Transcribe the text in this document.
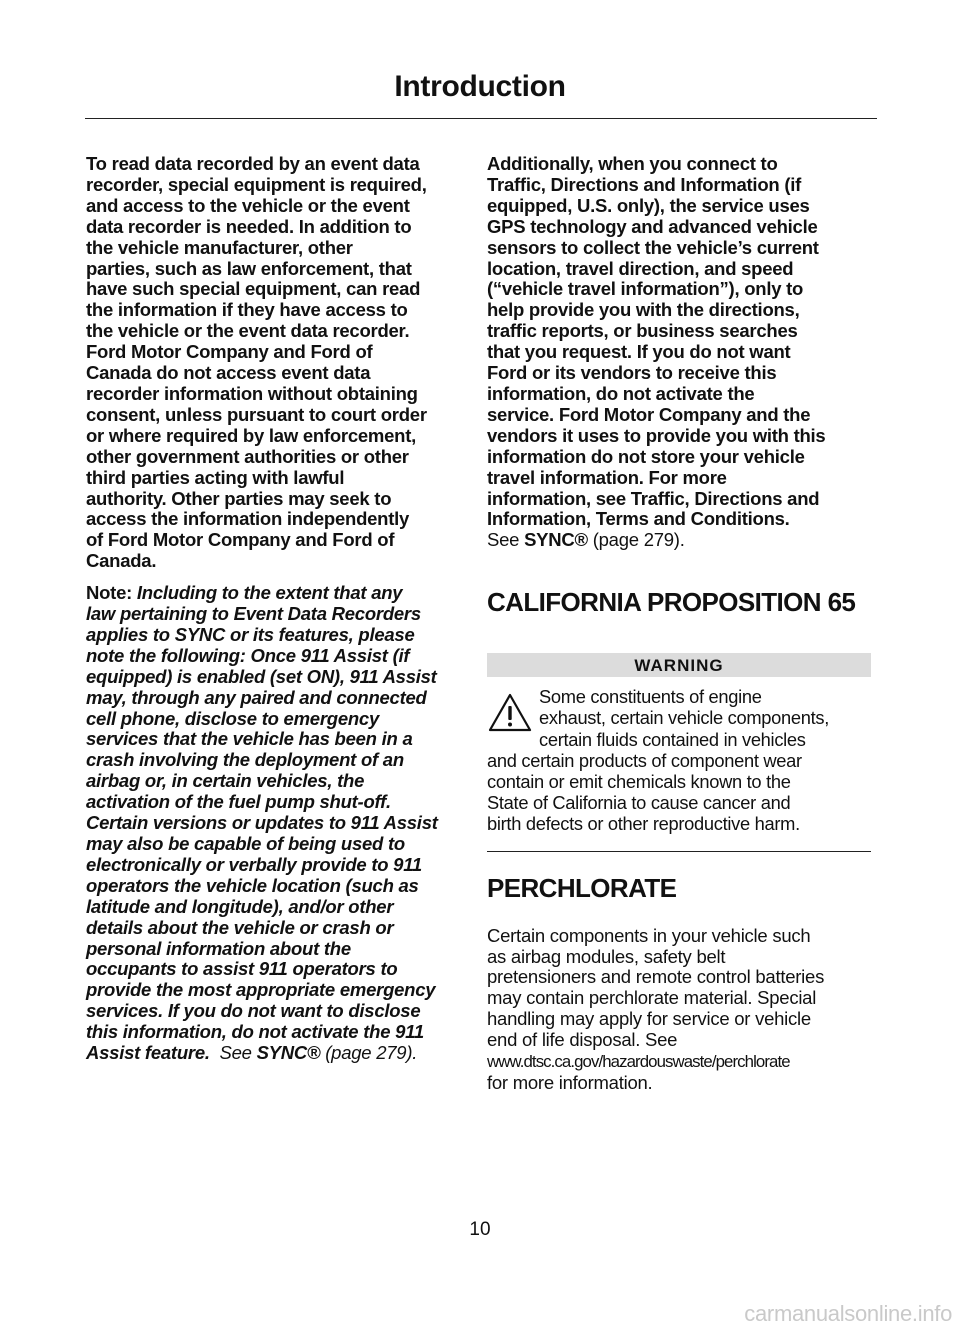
Introduction

To read data recorded by an event data
recorder, special equipment is required,
and access to the vehicle or the event
data recorder is needed. In addition to
the vehicle manufacturer, other
parties, such as law enforcement, that
have such special equipment, can read
the information if they have access to
the vehicle or the event data recorder.
Ford Motor Company and Ford of
Canada do not access event data
recorder information without obtaining
consent, unless pursuant to court order
or where required by law enforcement,
other government authorities or other
third parties acting with lawful
authority. Other parties may seek to
access the information independently
of Ford Motor Company and Ford of
Canada.

Note: Including to the extent that any
law pertaining to Event Data Recorders
applies to SYNC or its features, please
note the following: Once 911 Assist (if
equipped) is enabled (set ON), 911 Assist
may, through any paired and connected
cell phone, disclose to emergency
services that the vehicle has been in a
crash involving the deployment of an
airbag or, in certain vehicles, the
activation of the fuel pump shut-off.
Certain versions or updates to 911 Assist
may also be capable of being used to
electronically or verbally provide to 911
operators the vehicle location (such as
latitude and longitude), and/or other
details about the vehicle or crash or
personal information about the
occupants to assist 911 operators to
provide the most appropriate emergency
services. If you do not want to disclose
this information, do not activate the 911
Assist feature. See SYNC® (page 279).

Additionally, when you connect to
Traffic, Directions and Information (if
equipped, U.S. only), the service uses
GPS technology and advanced vehicle
sensors to collect the vehicle’s current
location, travel direction, and speed
(“vehicle travel information”), only to
help provide you with the directions,
traffic reports, or business searches
that you request. If you do not want
Ford or its vendors to receive this
information, do not activate the
service. Ford Motor Company and the
vendors it uses to provide you with this
information do not store your vehicle
travel information. For more
information, see Traffic, Directions and
Information, Terms and Conditions.

See SYNC® (page 279).

CALIFORNIA PROPOSITION 65
WARNING
Some constituents of engine
exhaust, certain vehicle components,
certain fluids contained in vehicles
and certain products of component wear
contain or emit chemicals known to the
State of California to cause cancer and
birth defects or other reproductive harm.
PERCHLORATE

Certain components in your vehicle such
as airbag modules, safety belt
pretensioners and remote control batteries
may contain perchlorate material. Special
handling may apply for service or vehicle
end of life disposal. See
www.dtsc.ca.gov/hazardouswaste/perchlorate
for more information.

10
carmanualsonline.info
